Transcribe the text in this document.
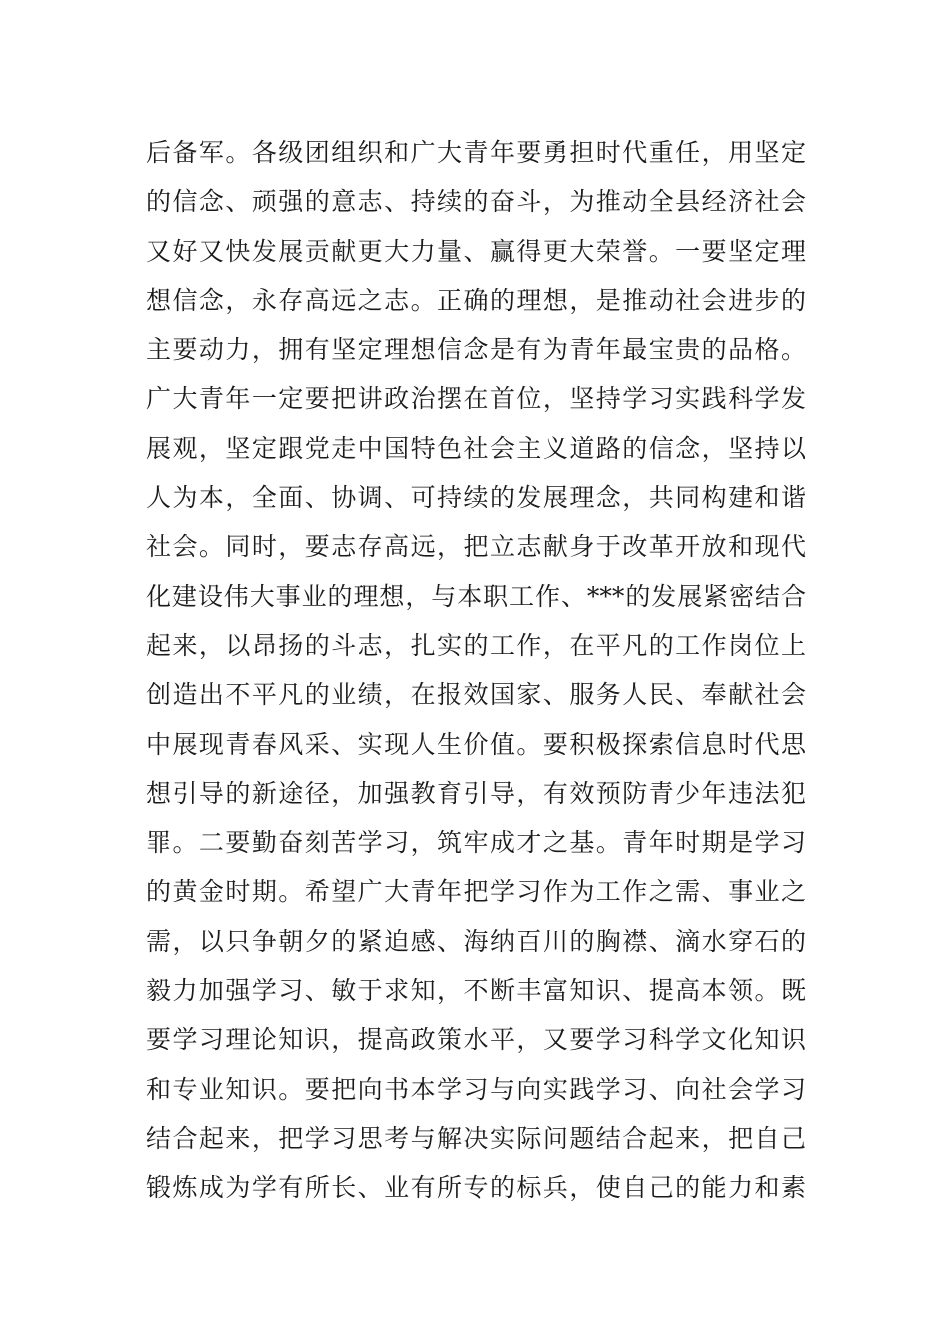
后备军。各级团组织和广大青年要勇担时代重任，用坚定
的信念、顽强的意志、持续的奋斗，为推动全县经济社会
又好又快发展贡献更大力量、赢得更大荣誉。一要坚定理
想信念，永存高远之志。正确的理想，是推动社会进步的
主要动力，拥有坚定理想信念是有为青年最宝贵的品格。
广大青年一定要把讲政治摆在首位，坚持学习实践科学发
展观，坚定跟党走中国特色社会主义道路的信念，坚持以
人为本，全面、协调、可持续的发展理念，共同构建和谐
社会。同时，要志存高远，把立志献身于改革开放和现代
化建设伟大事业的理想，与本职工作、***的发展紧密结合
起来，以昂扬的斗志，扎实的工作，在平凡的工作岗位上
创造出不平凡的业绩，在报效国家、服务人民、奉献社会
中展现青春风采、实现人生价值。要积极探索信息时代思
想引导的新途径，加强教育引导，有效预防青少年违法犯
罪。二要勤奋刻苦学习，筑牢成才之基。青年时期是学习
的黄金时期。希望广大青年把学习作为工作之需、事业之
需，以只争朝夕的紧迫感、海纳百川的胸襟、滴水穿石的
毅力加强学习、敏于求知，不断丰富知识、提高本领。既
要学习理论知识，提高政策水平，又要学习科学文化知识
和专业知识。要把向书本学习与向实践学习、向社会学习
结合起来，把学习思考与解决实际问题结合起来，把自己
锻炼成为学有所长、业有所专的标兵，使自己的能力和素
